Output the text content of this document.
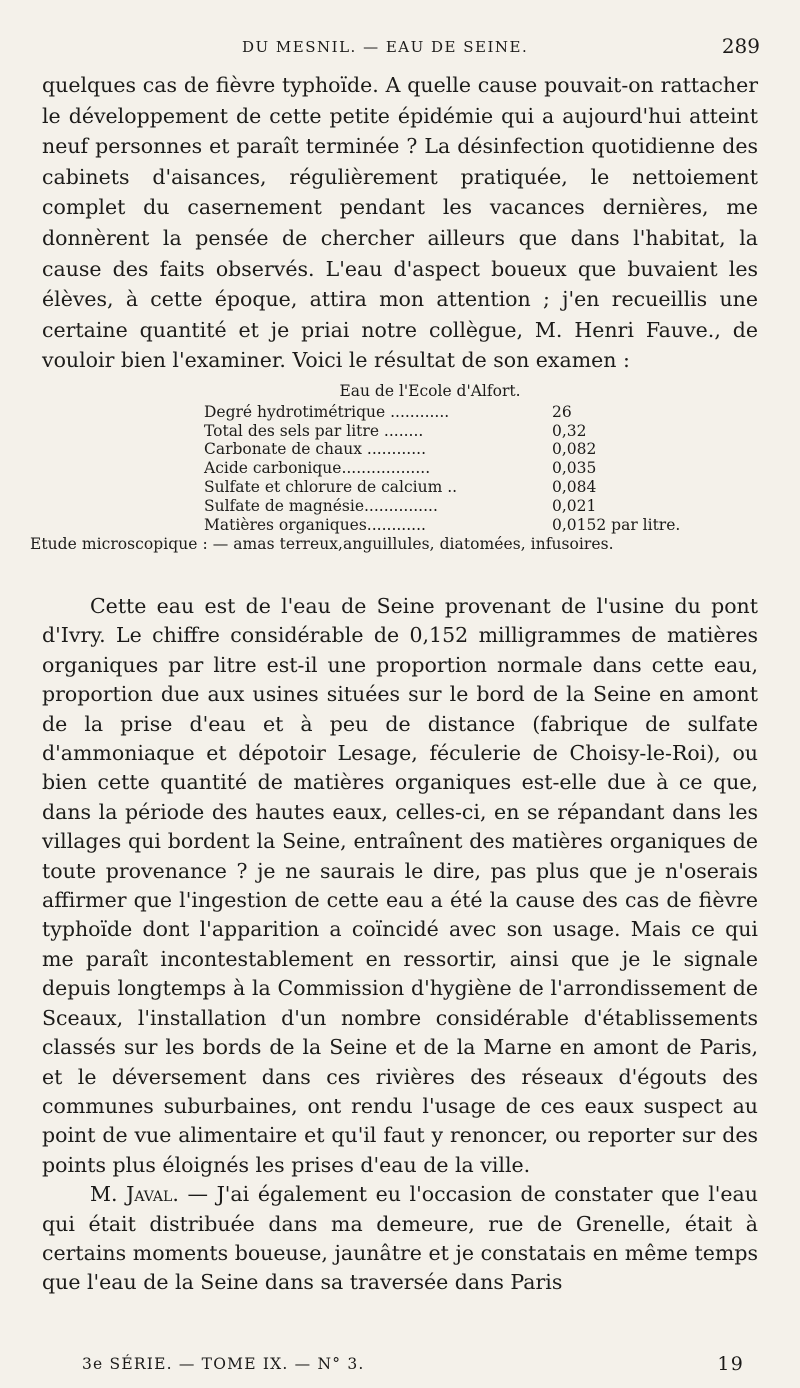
DU MESNIL. — EAU DE SEINE.	289

quelques cas de fièvre typhoïde. A quelle cause pouvait-on rattacher le développement de cette petite épidémie qui a aujourd'hui atteint neuf personnes et paraît terminée ? La désinfection quotidienne des cabinets d'aisances, régulièrement pratiquée, le nettoiement complet du casernement pendant les vacances dernières, me donnèrent la pensée de chercher ailleurs que dans l'habitat, la cause des faits observés. L'eau d'aspect boueux que buvaient les élèves, à cette époque, attira mon attention ; j'en recueillis une certaine quantité et je priai notre collègue, M. Henri Fauve., de vouloir bien l'examiner. Voici le résultat de son examen :

Eau de l'Ecole d'Alfort.
Degré hydrotimétrique ............	26
Total des sels par litre ........	0,32
Carbonate de chaux ............	0,082
Acide carbonique..................	0,035
Sulfate et chlorure de calcium ..	0,084
Sulfate de magnésie...............	0,021
Matières organiques............	0,0152 par litre.
Etude microscopique : — amas terreux,anguillules, diatomées, infusoires.

Cette eau est de l'eau de Seine provenant de l'usine du pont d'Ivry. Le chiffre considérable de 0,152 milligrammes de matières organiques par litre est-il une proportion normale dans cette eau, proportion due aux usines situées sur le bord de la Seine en amont de la prise d'eau et à peu de distance (fabrique de sulfate d'ammoniaque et dépotoir Lesage, féculerie de Choisy-le-Roi), ou bien cette quantité de matières organiques est-elle due à ce que, dans la période des hautes eaux, celles-ci, en se répandant dans les villages qui bordent la Seine, entraînent des matières organiques de toute provenance ? je ne saurais le dire, pas plus que je n'oserais affirmer que l'ingestion de cette eau a été la cause des cas de fièvre typhoïde dont l'apparition a coïncidé avec son usage. Mais ce qui me paraît incontestablement en ressortir, ainsi que je le signale depuis longtemps à la Commission d'hygiène de l'arrondissement de Sceaux, l'installation d'un nombre considérable d'établissements classés sur les bords de la Seine et de la Marne en amont de Paris, et le déversement dans ces rivières des réseaux d'égouts des communes suburbaines, ont rendu l'usage de ces eaux suspect au point de vue alimentaire et qu'il faut y renoncer, ou reporter sur des points plus éloignés les prises d'eau de la ville.

M. Javal. — J'ai également eu l'occasion de constater que l'eau qui était distribuée dans ma demeure, rue de Grenelle, était à certains moments boueuse, jaunâtre et je constatais en même temps que l'eau de la Seine dans sa traversée dans Paris

3e SÉRIE. — TOME IX. — N° 3.	19
